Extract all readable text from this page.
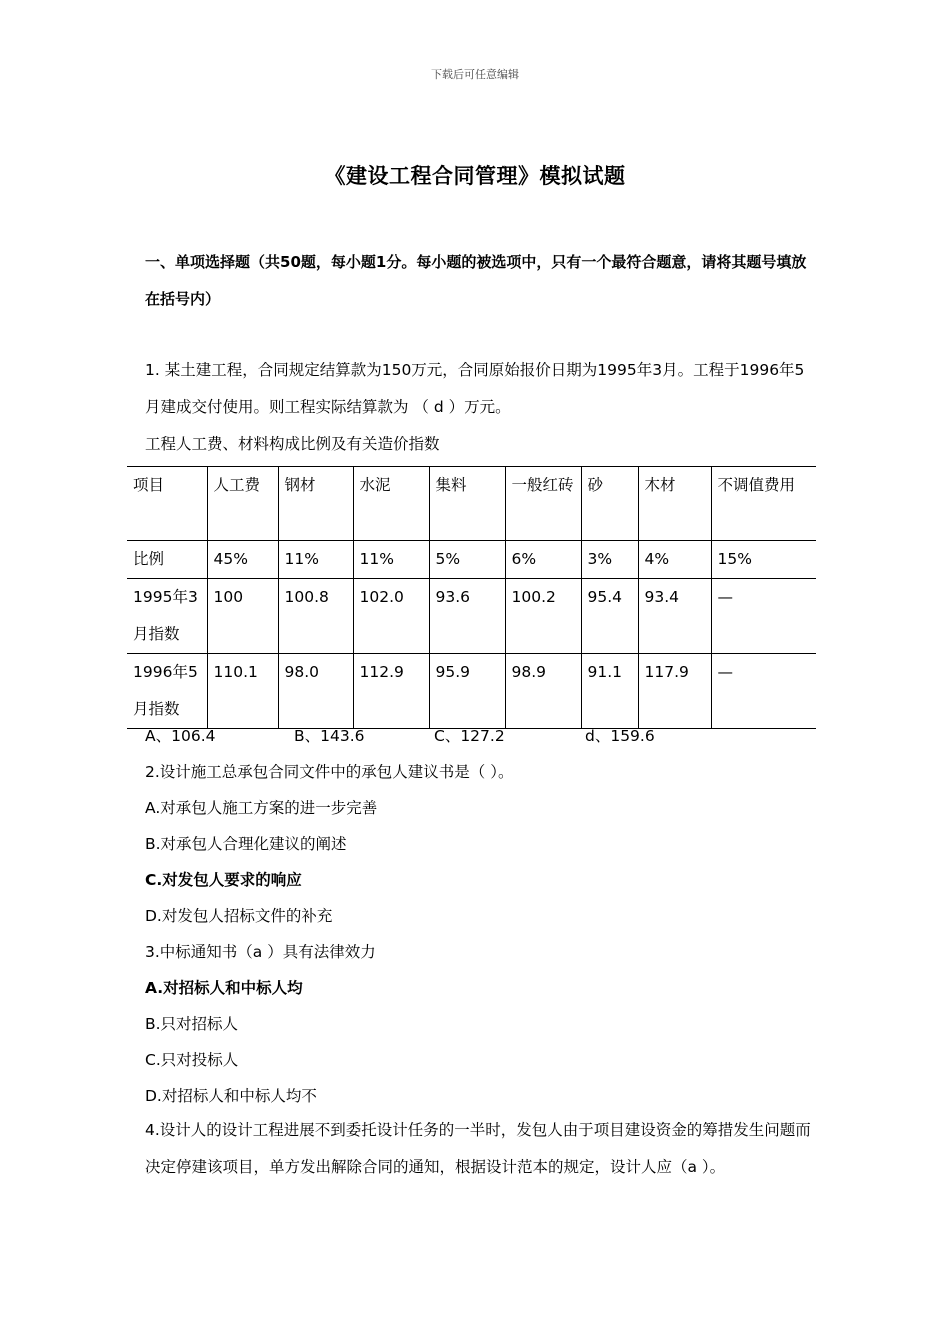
下载后可任意编辑
《建设工程合同管理》模拟试题
一、单项选择题（共50题，每小题1分。每小题的被选项中，只有一个最符合题意，请将其题号填放在括号内）
1. 某土建工程，合同规定结算款为150万元，合同原始报价日期为1995年3月。工程于1996年5月建成交付使用。则工程实际结算款为 （ d ）万元。
工程人工费、材料构成比例及有关造价指数
项目	人工费	钢材	水泥	集料	一般红砖	砂	木材	不调值费用
比例	45%	11%	11%	5%	6%	3%	4%	15%
1995年3月指数	100	100.8	102.0	93.6	100.2	95.4	93.4	—
1996年5月指数	110.1	98.0	112.9	95.9	98.9	91.1	117.9	—
A、106.4	B、143.6	C、127.2	d、159.6
2.设计施工总承包合同文件中的承包人建议书是（ ）。
A.对承包人施工方案的进一步完善
B.对承包人合理化建议的阐述
C.对发包人要求的响应
D.对发包人招标文件的补充
3.中标通知书（a ）具有法律效力
A.对招标人和中标人均
B.只对招标人
C.只对投标人
D.对招标人和中标人均不
4.设计人的设计工程进展不到委托设计任务的一半时，发包人由于项目建设资金的筹措发生问题而决定停建该项目，单方发出解除合同的通知，根据设计范本的规定，设计人应（a ）。
